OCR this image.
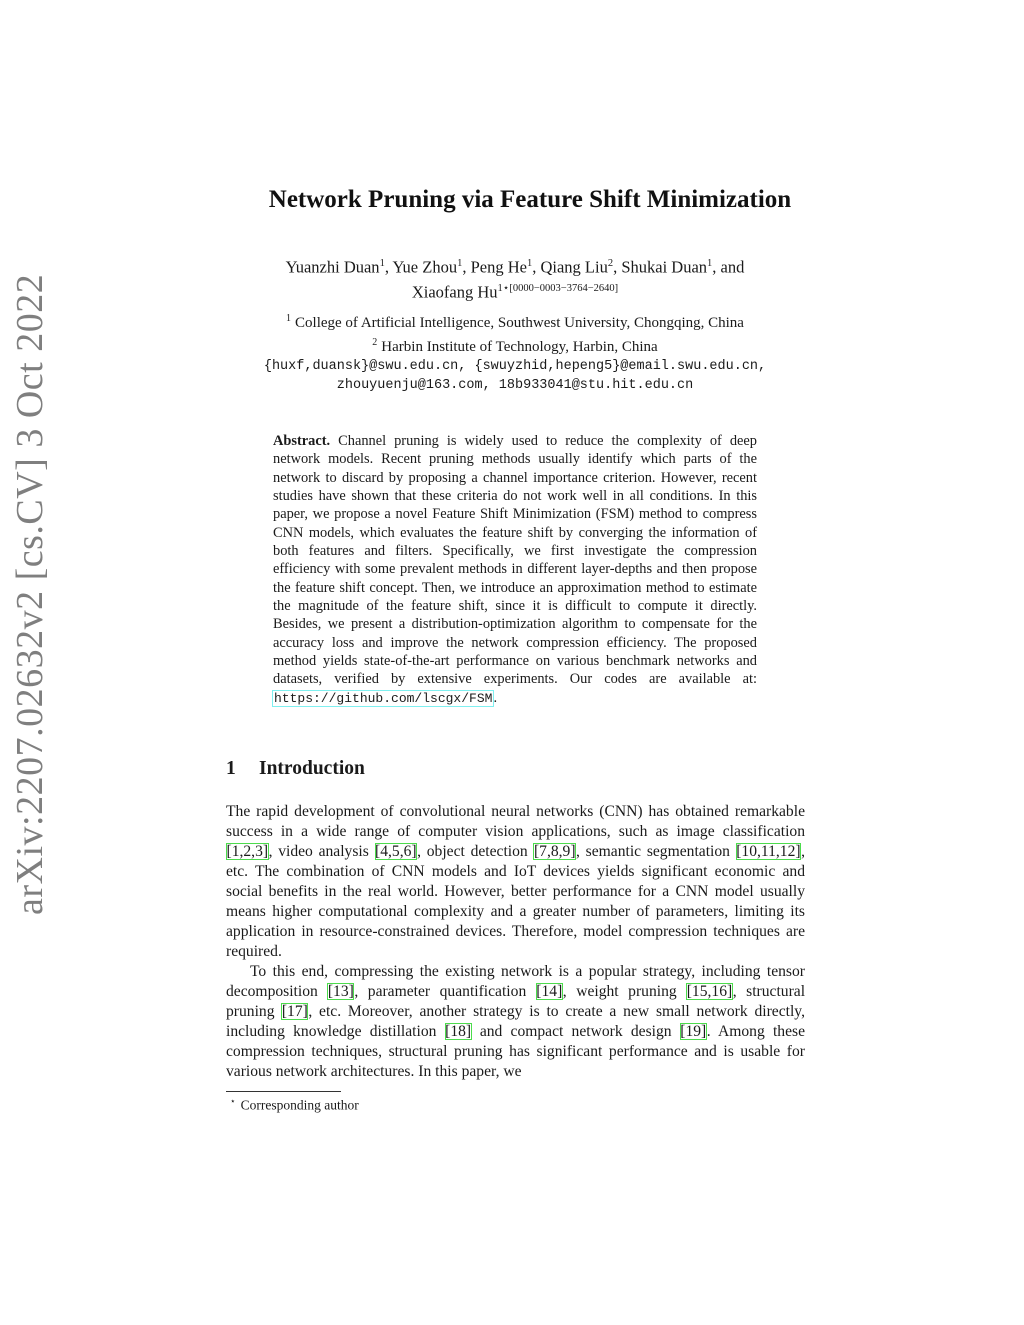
arXiv:2207.02632v2 [cs.CV] 3 Oct 2022
Network Pruning via Feature Shift Minimization
Yuanzhi Duan$^1$, Yue Zhou$^1$, Peng He$^1$, Qiang Liu$^2$, Shukai Duan$^1$, and
Xiaofang $Hu^{1⋆[0000-0003-3764-2640]}$
$^1$ College of Artificial Intelligence, Southwest University, Chongqing, China
$^2$ Harbin Institute of Technology, Harbin, China
{huxf,duansk}@swu.edu.cn, {swuyzhid,hepeng5}@email.swu.edu.cn,
zhouyuenju@163.com, 18b933041@stu.hit.edu.cn
Abstract. Channel pruning is widely used to reduce the complexity of deep network models. Recent pruning methods usually identify which parts of the network to discard by proposing a channel importance criterion. However, recent studies have shown that these criteria do not work well in all conditions. In this paper, we propose a novel Feature Shift Minimization (FSM) method to compress CNN models, which evaluates the feature shift by converging the information of both features and filters. Specifically, we first investigate the compression efficiency with some prevalent methods in different layer-depths and then propose the feature shift concept. Then, we introduce an approximation method to estimate the magnitude of the feature shift, since it is difficult to compute it directly. Besides, we present a distribution-optimization algorithm to compensate for the accuracy loss and improve the network compression efficiency. The proposed method yields state-of-the-art performance on various benchmark networks and datasets, verified by extensive experiments. Our codes are available at: https://github.com/lscgx/FSM.
1 Introduction

The rapid development of convolutional neural networks (CNN) has obtained remarkable success in a wide range of computer vision applications, such as image classification [1,2,3], video analysis [4,5,6], object detection [7,8,9], semantic segmentation [10,11,12], etc. The combination of CNN models and IoT devices yields significant economic and social benefits in the real world. However, better performance for a CNN model usually means higher computational complexity and a greater number of parameters, limiting its application in resource-constrained devices. Therefore, model compression techniques are required.

To this end, compressing the existing network is a popular strategy, including tensor decomposition [13], parameter quantification [14], weight pruning [15,16], structural pruning [17], etc. Moreover, another strategy is to create a new small network directly, including knowledge distillation [18] and compact network design [19]. Among these compression techniques, structural pruning has significant performance and is usable for various network architectures. In this paper, we

⋆ Corresponding author
